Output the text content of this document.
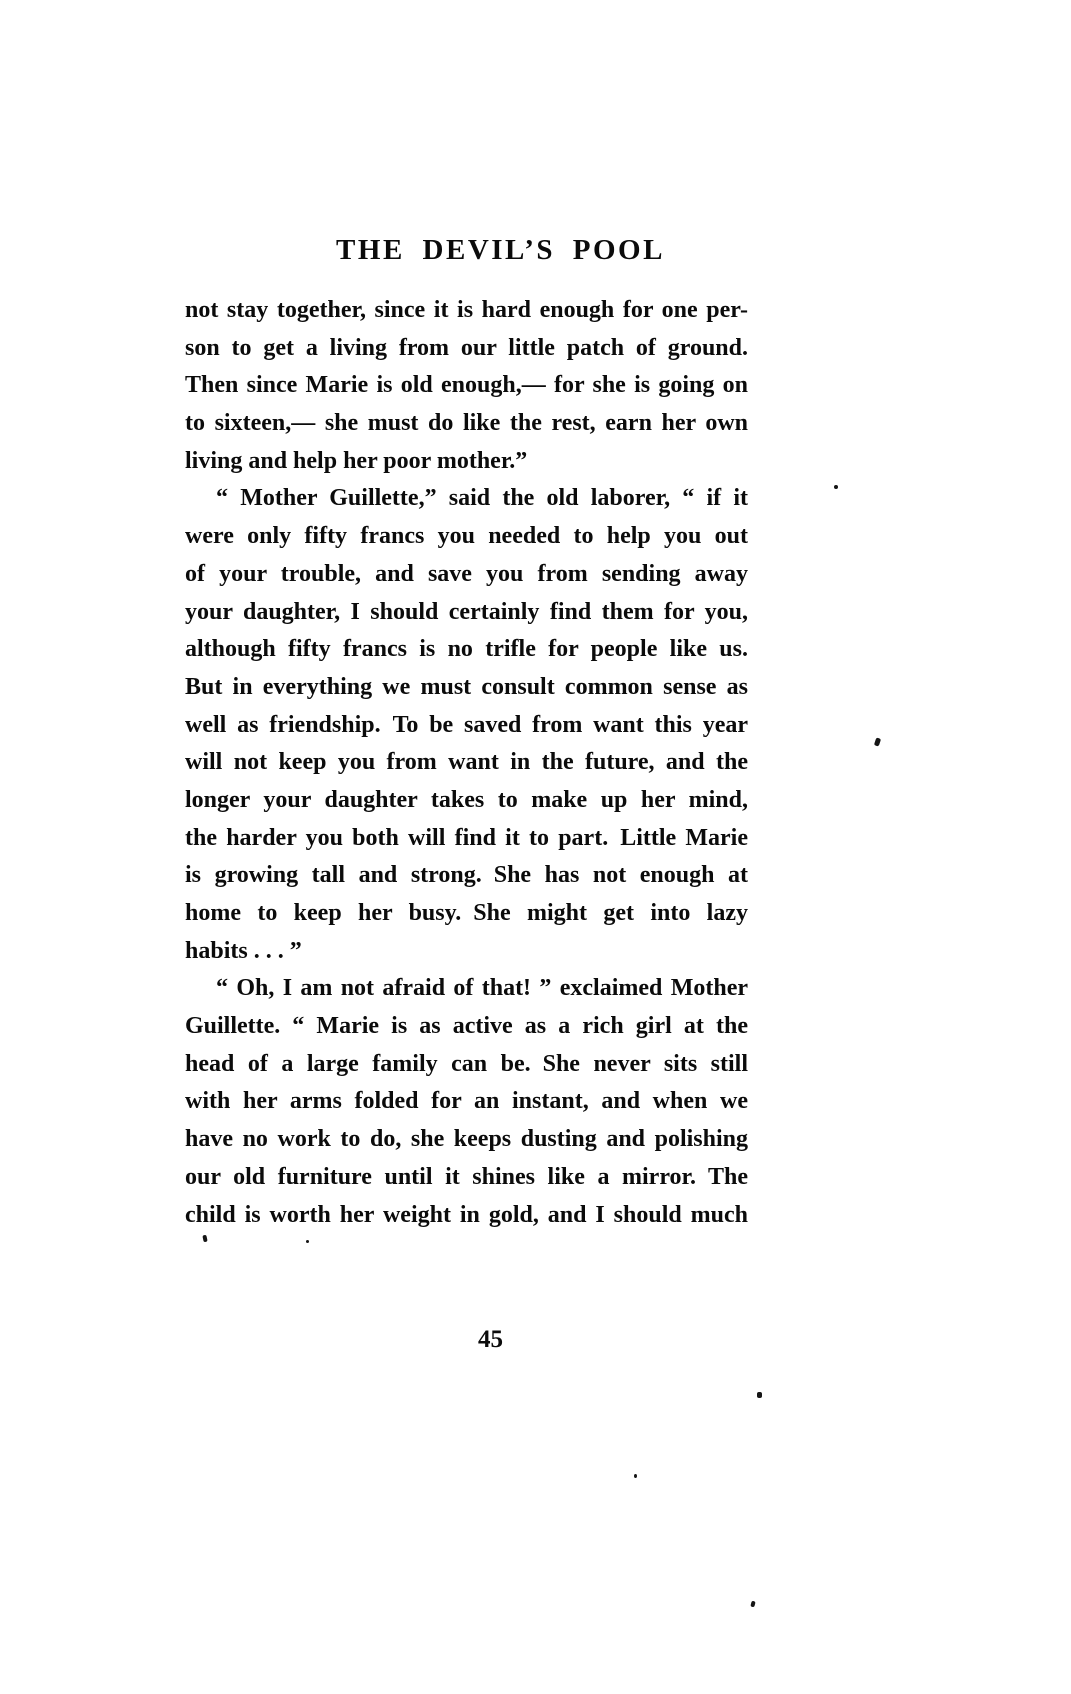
THE DEVIL’S POOL
not stay together, since it is hard enough for one per-
son to get a living from our little patch of ground.
Then since Marie is old enough,— for she is going on
to sixteen,— she must do like the rest, earn her own
living and help her poor mother.”
“ Mother Guillette,” said the old laborer, “ if it
were only fifty francs you needed to help you out
of your trouble, and save you from sending away
your daughter, I should certainly find them for you,
although fifty francs is no trifle for people like us.
But in everything we must consult common sense as
well as friendship. To be saved from want this year
will not keep you from want in the future, and the
longer your daughter takes to make up her mind,
the harder you both will find it to part. Little Marie
is growing tall and strong. She has not enough at
home to keep her busy. She might get into lazy
habits . . . ”
“ Oh, I am not afraid of that! ” exclaimed Mother
Guillette. “ Marie is as active as a rich girl at the
head of a large family can be. She never sits still
with her arms folded for an instant, and when we
have no work to do, she keeps dusting and polishing
our old furniture until it shines like a mirror. The
child is worth her weight in gold, and I should much
45
